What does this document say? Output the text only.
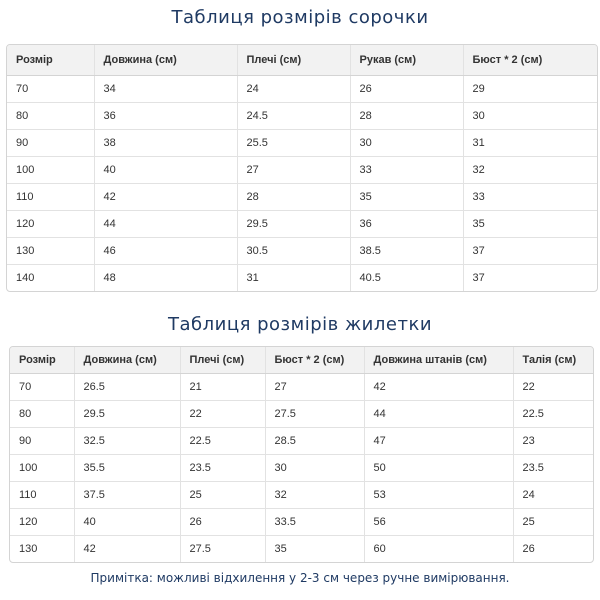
Таблиця розмірів сорочки
Розмір	Довжина (см)	Плечі (см)	Рукав (см)	Бюст * 2 (см)
70	34	24	26	29
80	36	24.5	28	30
90	38	25.5	30	31
100	40	27	33	32
110	42	28	35	33
120	44	29.5	36	35
130	46	30.5	38.5	37
140	48	31	40.5	37
Таблиця розмірів жилетки
Розмір	Довжина (см)	Плечі (см)	Бюст * 2 (см)	Довжина штанів (см)	Талія (см)
70	26.5	21	27	42	22
80	29.5	22	27.5	44	22.5
90	32.5	22.5	28.5	47	23
100	35.5	23.5	30	50	23.5
110	37.5	25	32	53	24
120	40	26	33.5	56	25
130	42	27.5	35	60	26

Примітка: можливі відхилення у 2-3 см через ручне вимірювання.
